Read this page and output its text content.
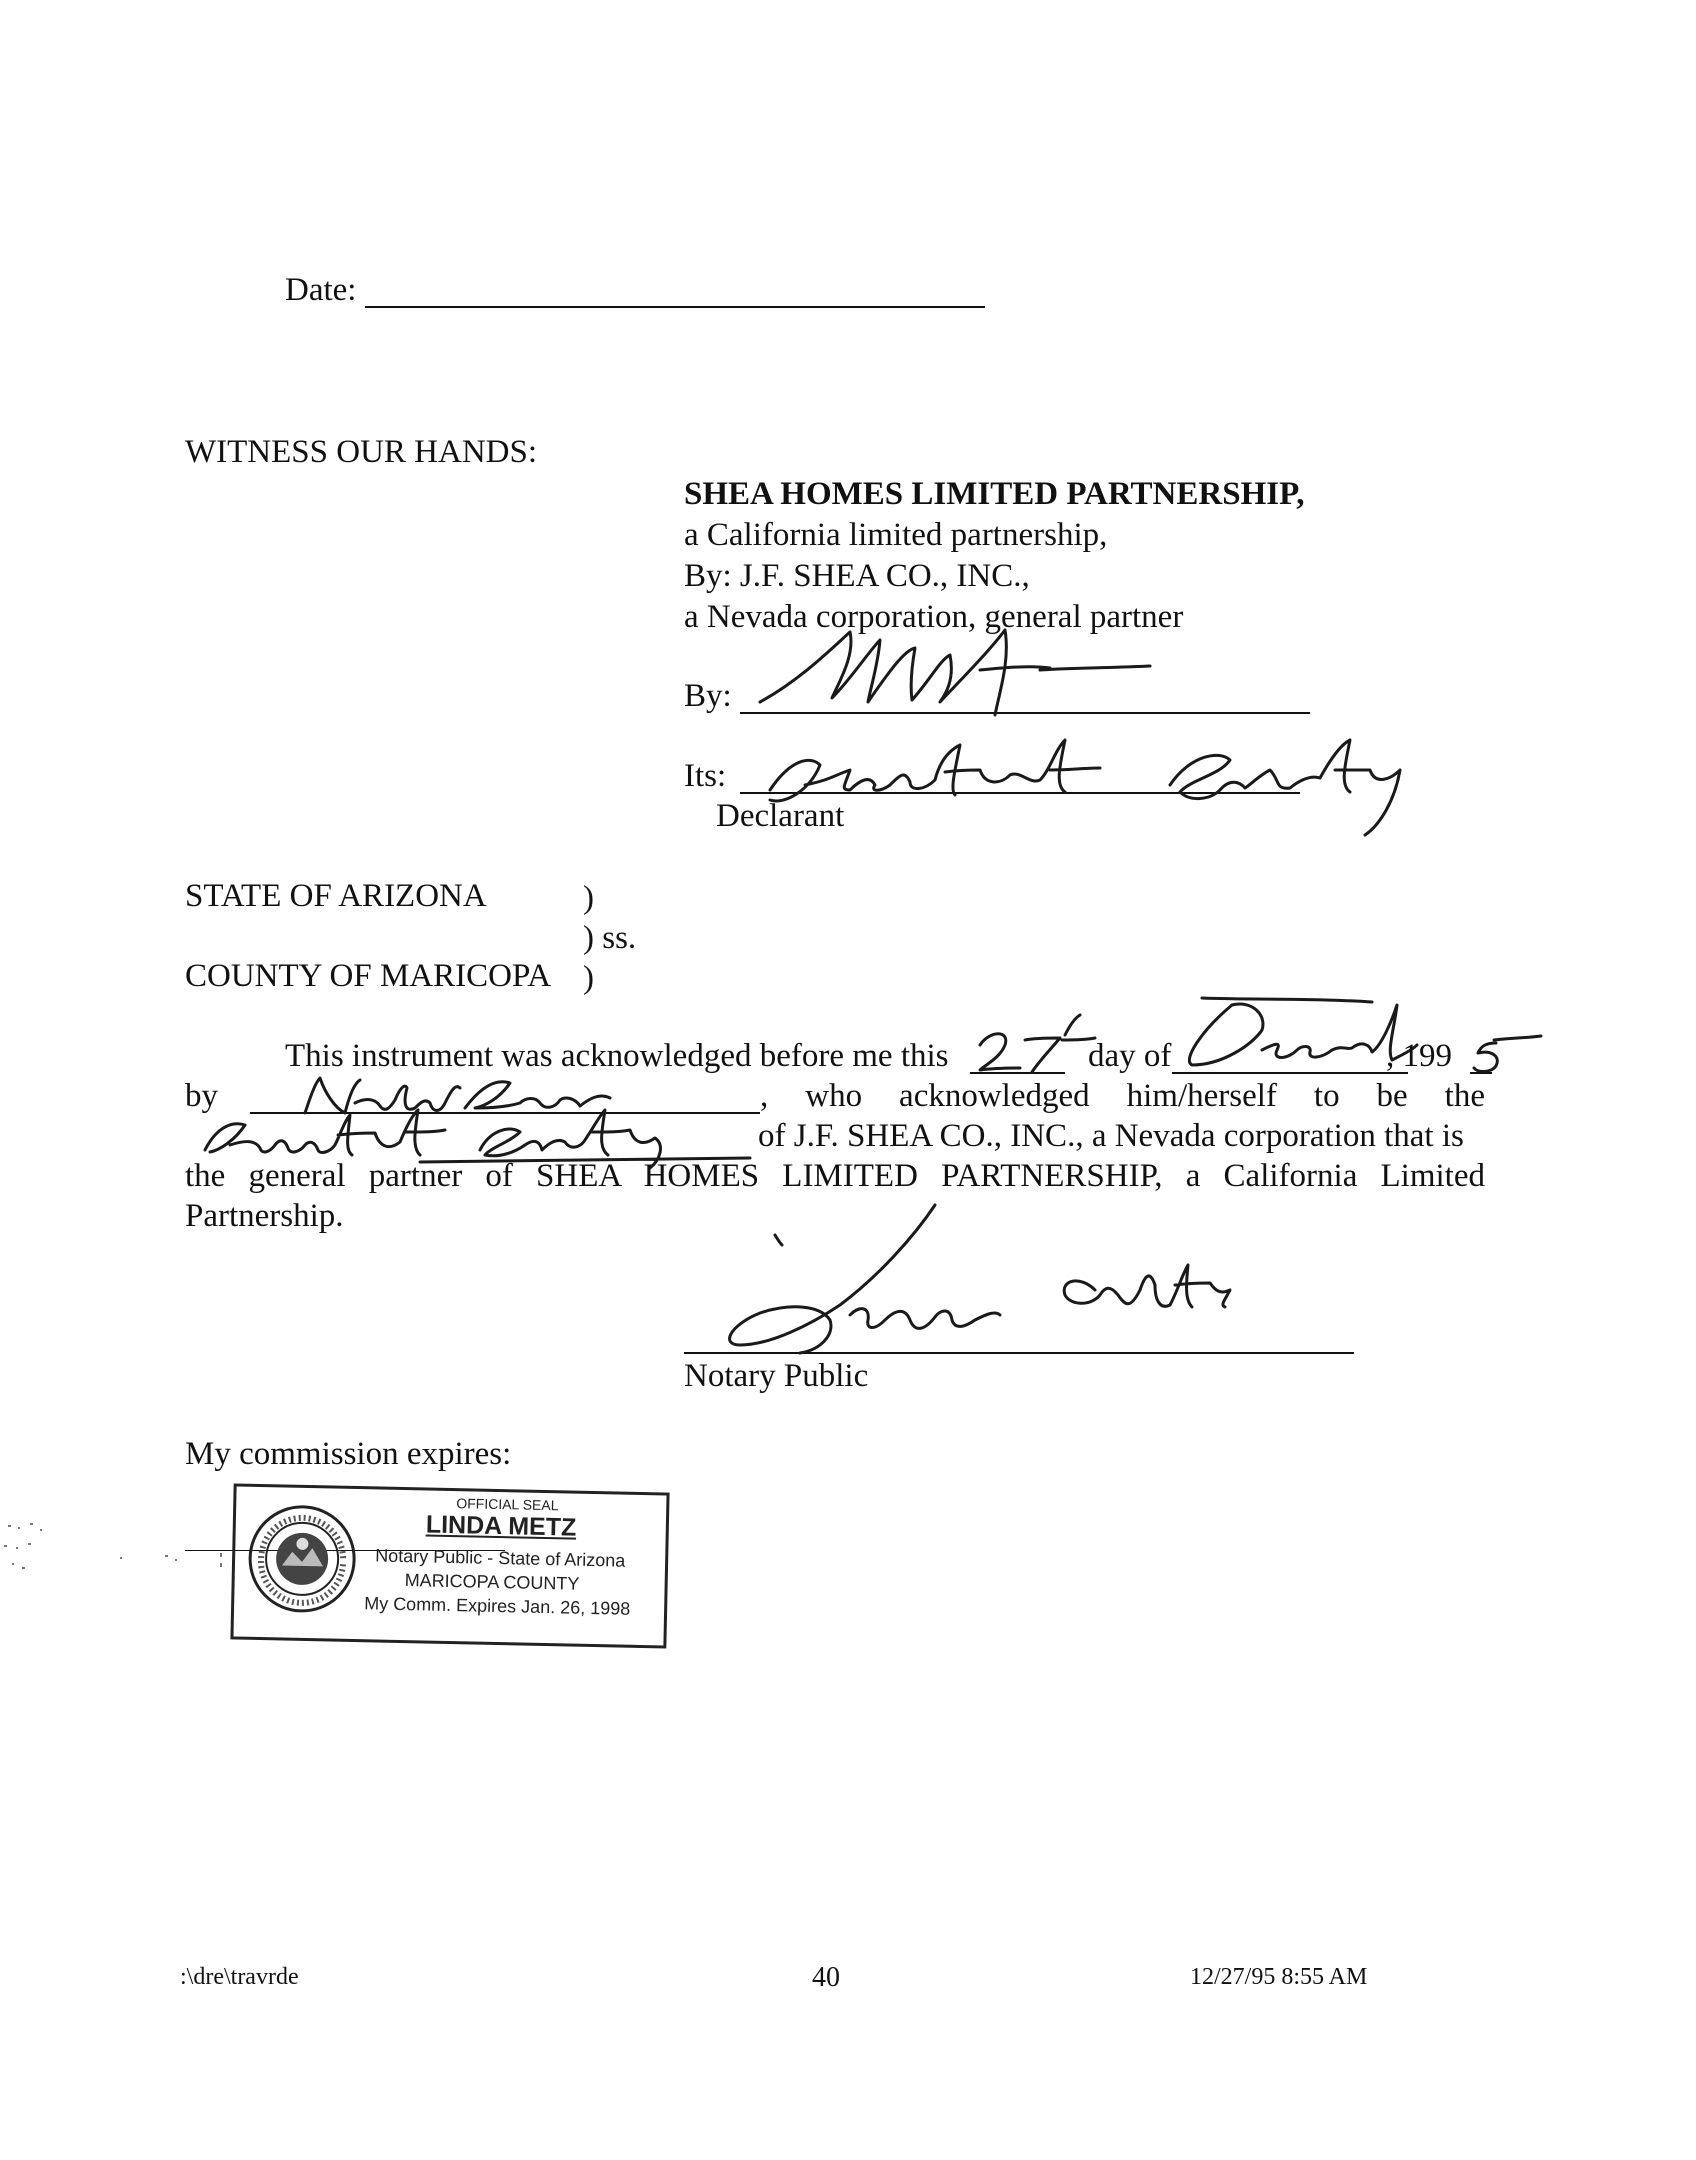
Date:
WITNESS OUR HANDS:
SHEA HOMES LIMITED PARTNERSHIP,
a California limited partnership,
By: J.F. SHEA CO., INC.,
a Nevada corporation, general partner
By:
Its:
Declarant
STATE OF ARIZONA	)
) ss.
COUNTY OF MARICOPA )
This instrument was acknowledged before me this	day of	, 199
by	, who acknowledged him/herself to be the
of J.F. SHEA CO., INC., a Nevada corporation that is
the general partner of SHEA HOMES LIMITED PARTNERSHIP, a California Limited
Partnership.
Notary Public
My commission expires:
OFFICIAL SEAL
LINDA METZ
Notary Public - State of Arizona
MARICOPA COUNTY
My Comm. Expires Jan. 26, 1998
:\dre\travrde	40	12/27/95 8:55 AM
